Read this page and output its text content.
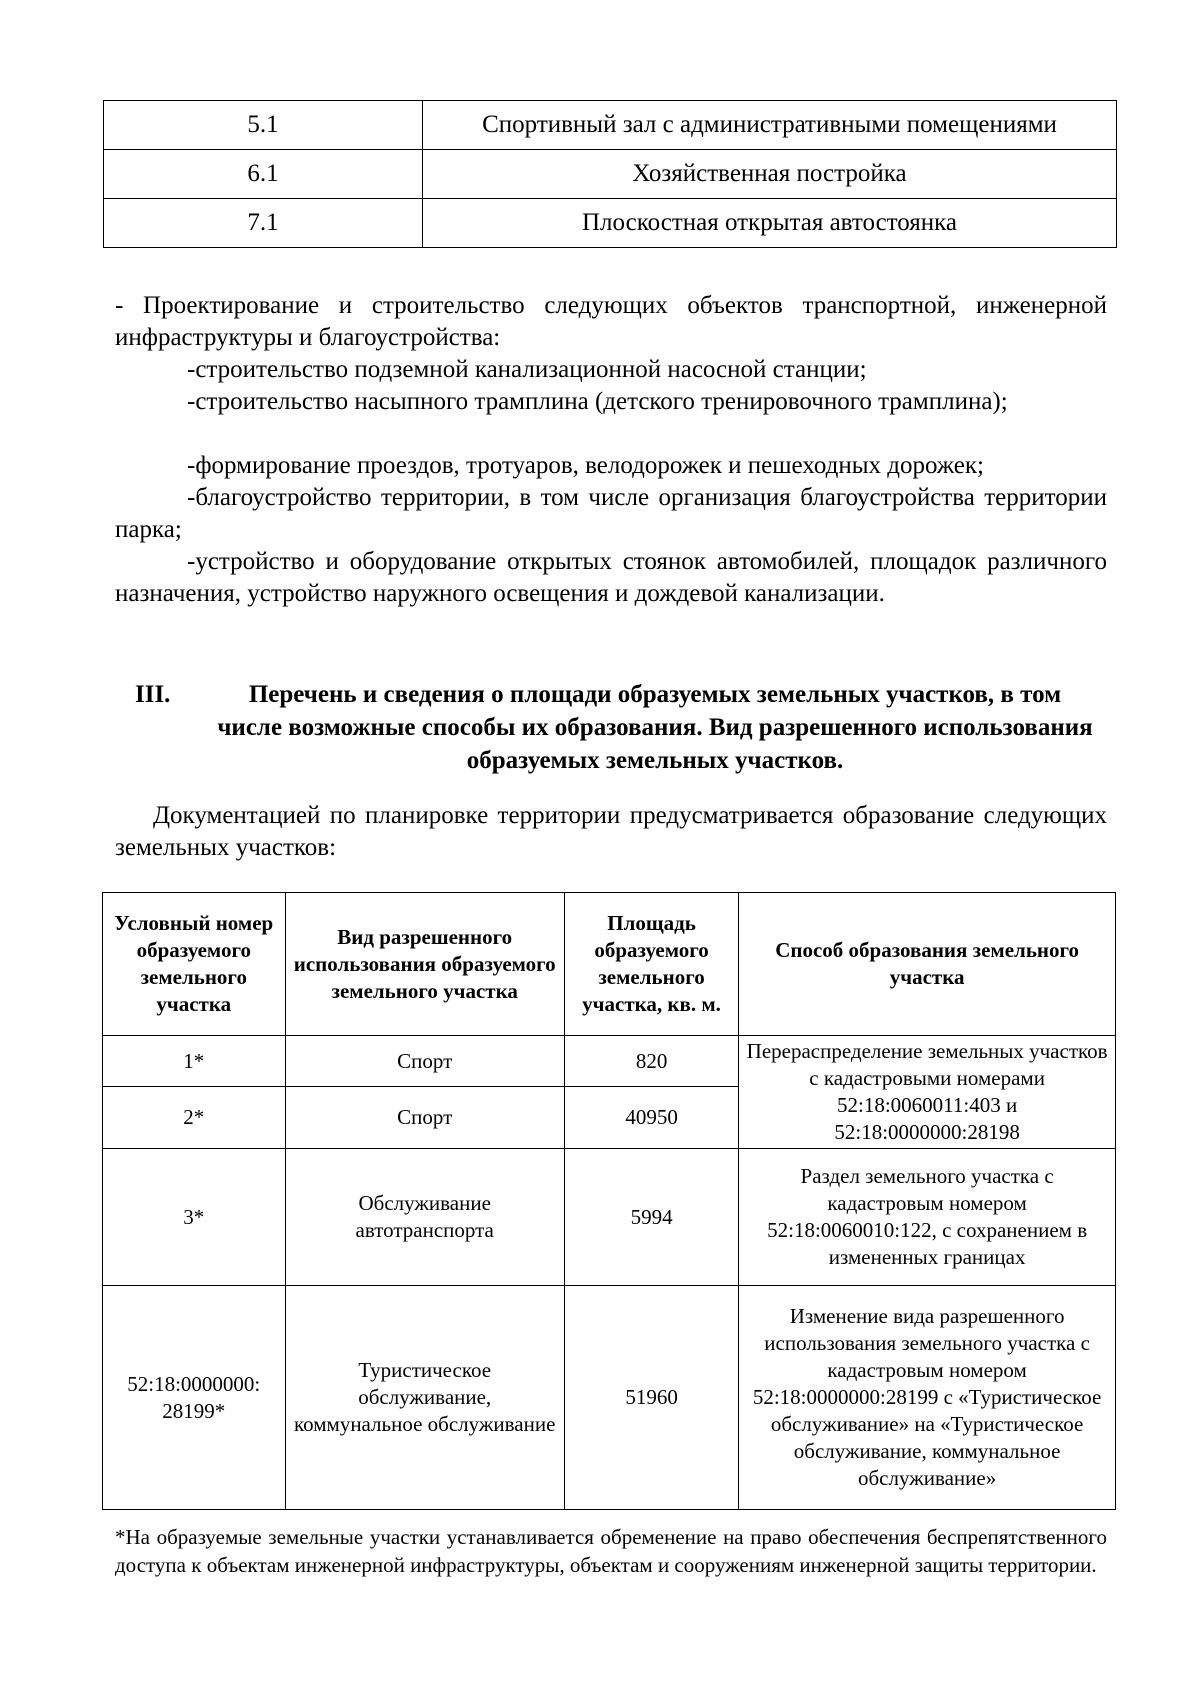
5.1	Спортивный зал с административными помещениями
6.1	Хозяйственная постройка
7.1	Плоскостная открытая автостоянка

- Проектирование и строительство следующих объектов транспортной, инженерной инфраструктуры и благоустройства:

-строительство подземной канализационной насосной станции;

-строительство насыпного трамплина (детского тренировочного трамплина);

-формирование проездов, тротуаров, велодорожек и пешеходных дорожек;

-благоустройство территории, в том числе организация благоустройства территории парка;

-устройство и оборудование открытых стоянок автомобилей, площадок различного назначения, устройство наружного освещения и дождевой канализации.

III.	Перечень и сведения о площади образуемых земельных участков, в том числе возможные способы их образования. Вид разрешенного использования образуемых земельных участков.

Документацией по планировке территории предусматривается образование следующих земельных участков:

Условный номер образуемого земельного участка	Вид разрешенного использования образуемого земельного участка	Площадь образуемого земельного участка, кв. м.	Способ образования земельного участка
1*	Спорт	820	Перераспределение земельных участков с кадастровыми номерами 52:18:0060011:403 и 52:18:0000000:28198
2*	Спорт	40950	
3*	Обслуживание автотранспорта	5994	Раздел земельного участка с кадастровым номером 52:18:0060010:122, с сохранением в измененных границах
52:18:0000000: 28199*	Туристическое обслуживание, коммунальное обслуживание	51960	Изменение вида разрешенного использования земельного участка с кадастровым номером 52:18:0000000:28199 с «Туристическое обслуживание» на «Туристическое обслуживание, коммунальное обслуживание»

*На образуемые земельные участки устанавливается обременение на право обеспечения беспрепятственного доступа к объектам инженерной инфраструктуры, объектам и сооружениям инженерной защиты территории.
